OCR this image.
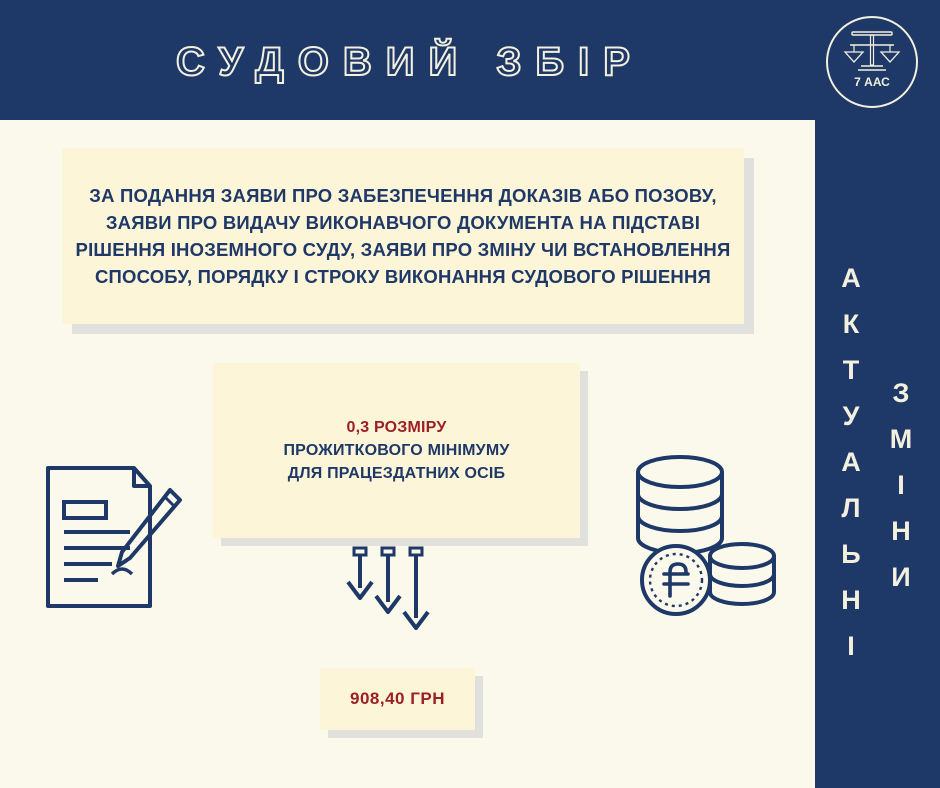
СУДОВИЙ ЗБІР	7 ААС
А
К
Т
У
А
Л
Ь
Н
І
З
М
І
Н
И
ЗА ПОДАННЯ ЗАЯВИ ПРО ЗАБЕЗПЕЧЕННЯ ДОКАЗІВ АБО ПОЗОВУ, ЗАЯВИ ПРО ВИДАЧУ ВИКОНАВЧОГО ДОКУМЕНТА НА ПІДСТАВІ РІШЕННЯ ІНОЗЕМНОГО СУДУ, ЗАЯВИ ПРО ЗМІНУ ЧИ ВСТАНОВЛЕННЯ СПОСОБУ, ПОРЯДКУ І СТРОКУ ВИКОНАННЯ СУДОВОГО РІШЕННЯ
0,3 РОЗМІРУ
ПРОЖИТКОВОГО МІНІМУМУ
ДЛЯ ПРАЦЕЗДАТНИХ ОСІБ
908,40 ГРН
